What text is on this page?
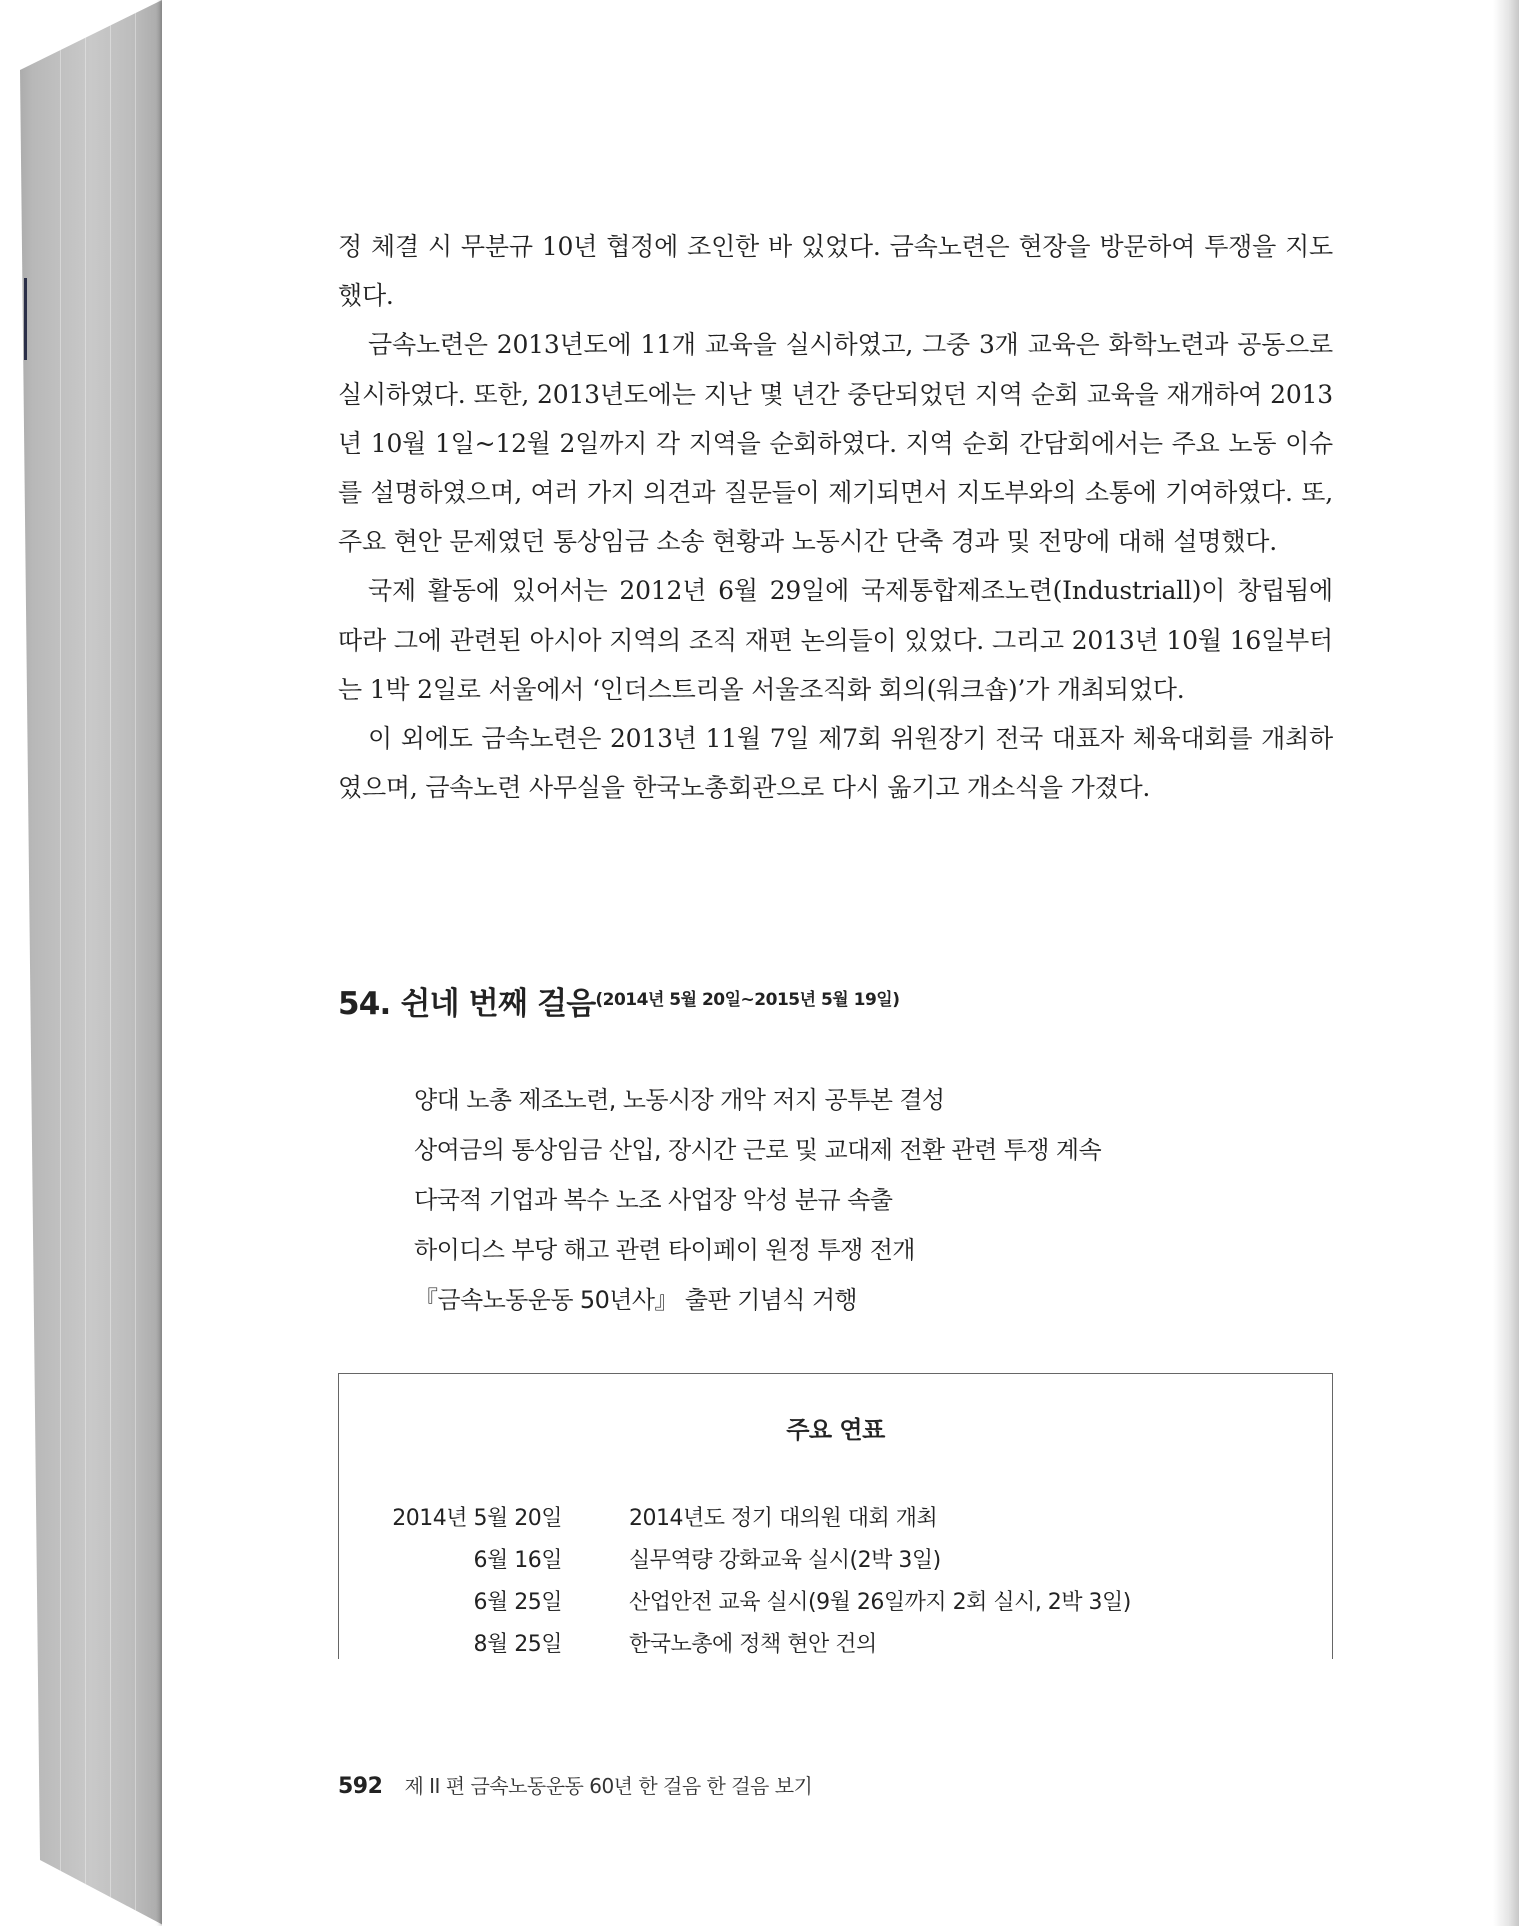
정 체결 시 무분규 10년 협정에 조인한 바 있었다. 금속노련은 현장을 방문하여 투쟁을 지도했다.

금속노련은 2013년도에 11개 교육을 실시하였고, 그중 3개 교육은 화학노련과 공동으로 실시하였다. 또한, 2013년도에는 지난 몇 년간 중단되었던 지역 순회 교육을 재개하여 2013년 10월 1일~12월 2일까지 각 지역을 순회하였다. 지역 순회 간담회에서는 주요 노동 이슈를 설명하였으며, 여러 가지 의견과 질문들이 제기되면서 지도부와의 소통에 기여하였다. 또, 주요 현안 문제였던 통상임금 소송 현황과 노동시간 단축 경과 및 전망에 대해 설명했다.

국제 활동에 있어서는 2012년 6월 29일에 국제통합제조노련(Industriall)이 창립됨에 따라 그에 관련된 아시아 지역의 조직 재편 논의들이 있었다. 그리고 2013년 10월 16일부터는 1박 2일로 서울에서 ‘인더스트리올 서울조직화 회의(워크숍)’가 개최되었다.

이 외에도 금속노련은 2013년 11월 7일 제7회 위원장기 전국 대표자 체육대회를 개최하였으며, 금속노련 사무실을 한국노총회관으로 다시 옮기고 개소식을 가졌다.

54. 쉰네 번째 걸음(2014년 5월 20일~2015년 5월 19일)
양대 노총 제조노련, 노동시장 개악 저지 공투본 결성
상여금의 통상임금 산입, 장시간 근로 및 교대제 전환 관련 투쟁 계속
다국적 기업과 복수 노조 사업장 악성 분규 속출
하이디스 부당 해고 관련 타이페이 원정 투쟁 전개
『금속노동운동 50년사』 출판 기념식 거행
주요 연표
2014년 5월 20일	2014년도 정기 대의원 대회 개최
6월 16일	실무역량 강화교육 실시(2박 3일)
6월 25일	산업안전 교육 실시(9월 26일까지 2회 실시, 2박 3일)
8월 25일	한국노총에 정책 현안 건의
592 제 II 편 금속노동운동 60년 한 걸음 한 걸음 보기
